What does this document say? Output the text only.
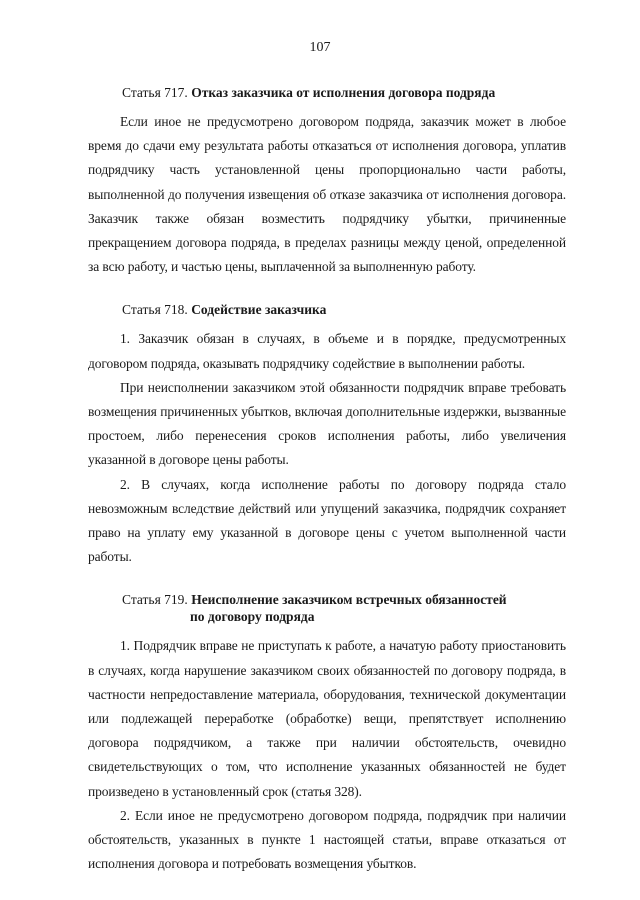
107
Статья 717. Отказ заказчика от исполнения договора подряда

Если иное не предусмотрено договором подряда, заказчик может в любое время до сдачи ему результата работы отказаться от исполнения договора, уплатив подрядчику часть установленной цены пропорционально части работы, выполненной до получения извещения об отказе заказчика от исполнения договора. Заказчик также обязан возместить подрядчику убытки, причиненные прекращением договора подряда, в пределах разницы между ценой, определенной за всю работу, и частью цены, выплаченной за выполненную работу.

Статья 718. Содействие заказчика

1. Заказчик обязан в случаях, в объеме и в порядке, предусмотренных договором подряда, оказывать подрядчику содействие в выполнении работы.

При неисполнении заказчиком этой обязанности подрядчик вправе требовать возмещения причиненных убытков, включая дополнительные издержки, вызванные простоем, либо перенесения сроков исполнения работы, либо увеличения указанной в договоре цены работы.

2. В случаях, когда исполнение работы по договору подряда стало невозможным вследствие действий или упущений заказчика, подрядчик сохраняет право на уплату ему указанной в договоре цены с учетом выполненной части работы.

Статья 719. Неисполнение заказчиком встречных обязанностей
по договору подряда

1. Подрядчик вправе не приступать к работе, а начатую работу приостановить в случаях, когда нарушение заказчиком своих обязанностей по договору подряда, в частности непредоставление материала, оборудования, технической документации или подлежащей переработке (обработке) вещи, препятствует исполнению договора подрядчиком, а также при наличии обстоятельств, очевидно свидетельствующих о том, что исполнение указанных обязанностей не будет произведено в установленный срок (статья 328).

2. Если иное не предусмотрено договором подряда, подрядчик при наличии обстоятельств, указанных в пункте 1 настоящей статьи, вправе отказаться от исполнения договора и потребовать возмещения убытков.
